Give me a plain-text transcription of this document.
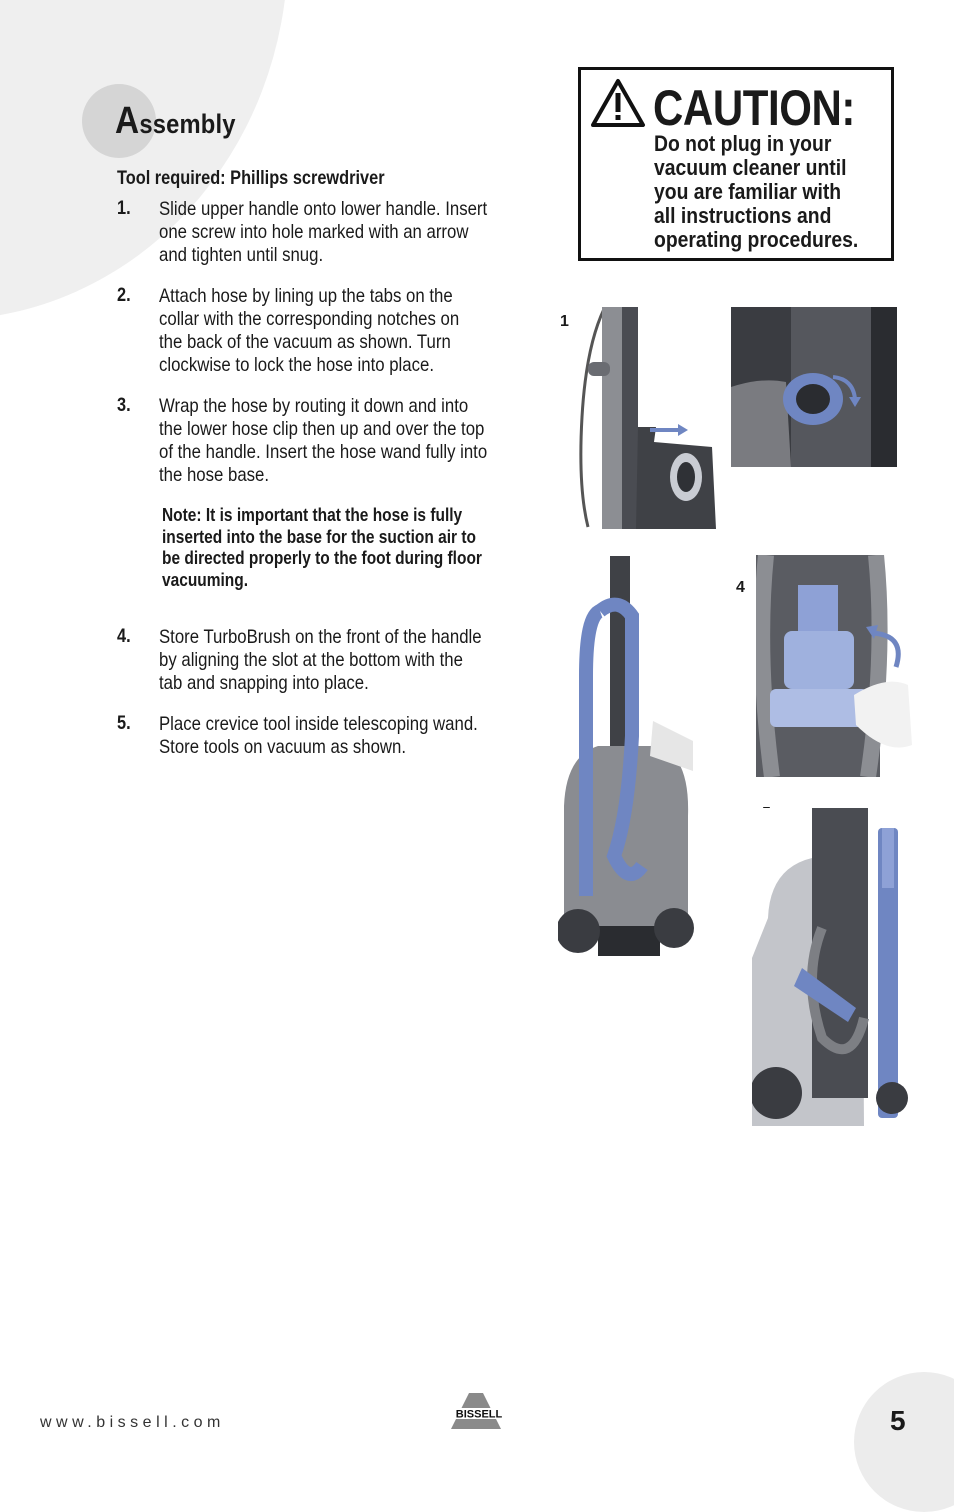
Assembly

Tool required: Phillips screwdriver

1. Slide upper handle onto lower handle. Insert
one screw into hole marked with an arrow
and tighten until snug.
2. Attach hose by lining up the tabs on the
collar with the corresponding notches on
the back of the vacuum as shown. Turn
clockwise to lock the hose into place.
3. Wrap the hose by routing it down and into
the lower hose clip then up and over the top
of the handle. Insert the hose wand fully into
the hose base.
Note: It is important that the hose is fully
inserted into the base for the suction air to
be directed properly to the foot during floor
vacuuming.
4. Store TurboBrush on the front of the handle
by aligning the slot at the bottom with the
tab and snapping into place.
5. Place crevice tool inside telescoping wand.
Store tools on vacuum as shown.
CAUTION:
Do not plug in your
vacuum cleaner until
you are familiar with
all instructions and
operating procedures.
1
4

www.bissell.com	BISSELL	5
